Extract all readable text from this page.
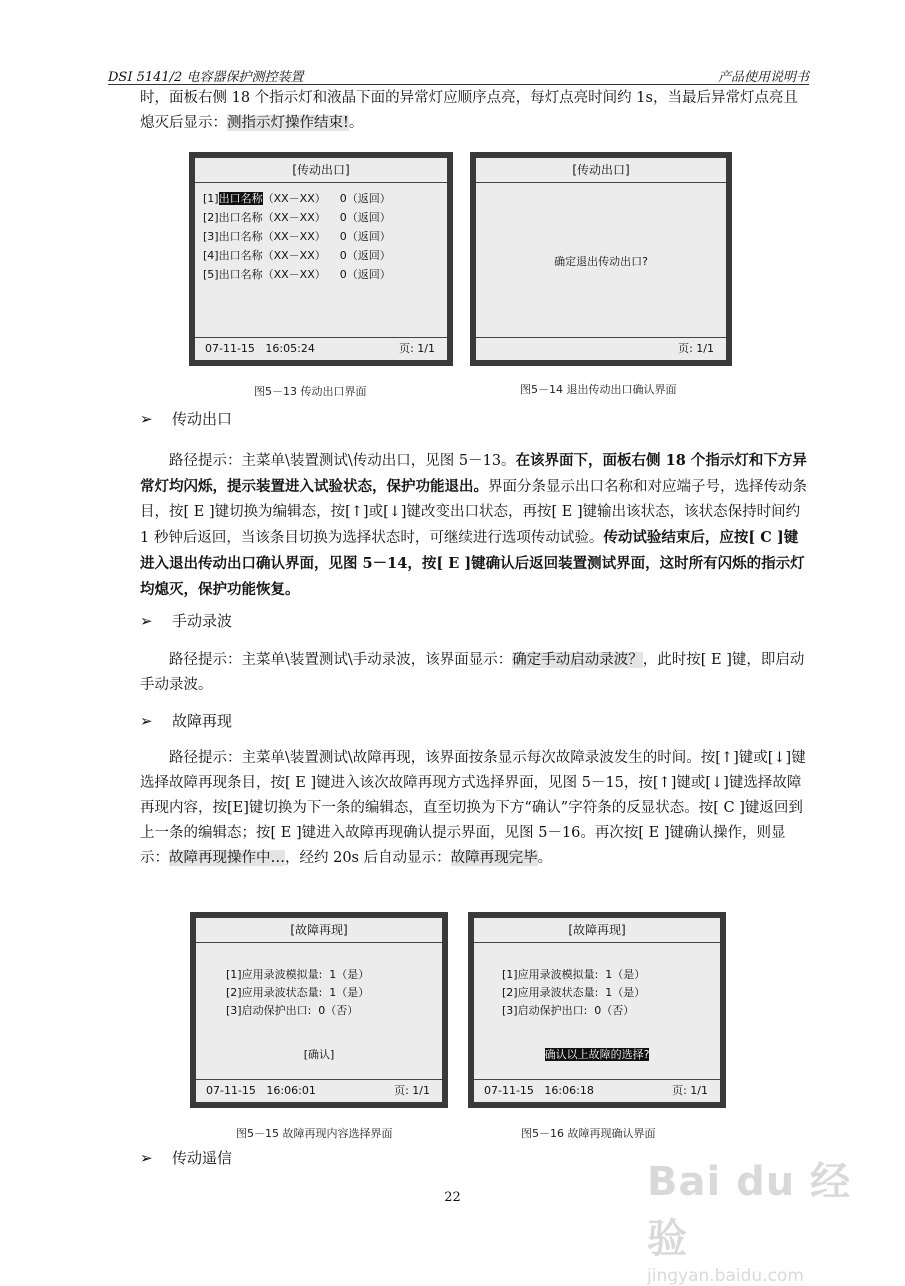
DSI 5141/2 电容器保护测控装置	产品使用说明书
时，面板右侧 18 个指示灯和液晶下面的异常灯应顺序点亮，每灯点亮时间约 1s，当最后异常灯点亮且熄灭后显示：测指示灯操作结束!。
[传动出口]
[1]出口名称（XX－XX）    0（返回）
[2]出口名称（XX－XX）    0（返回）
[3]出口名称（XX－XX）    0（返回）
[4]出口名称（XX－XX）    0（返回）
[5]出口名称（XX－XX）    0（返回）
07-11-15   16:05:24	页: 1/1
[传动出口]
确定退出传动出口?
页: 1/1
图5－13 传动出口界面	图5－14 退出传动出口确认界面
➢ 传动出口
路径提示：主菜单\装置测试\传动出口，见图 5－13。在该界面下，面板右侧 18 个指示灯和下方异常灯均闪烁，提示装置进入试验状态，保护功能退出。界面分条显示出口名称和对应端子号，选择传动条目，按[ E ]键切换为编辑态，按[↑]或[↓]键改变出口状态，再按[ E ]键输出该状态，该状态保持时间约 1 秒钟后返回，当该条目切换为选择状态时，可继续进行选项传动试验。传动试验结束后，应按[ C ]键进入退出传动出口确认界面，见图 5－14，按[ E ]键确认后返回装置测试界面，这时所有闪烁的指示灯均熄灭，保护功能恢复。
➢ 手动录波
路径提示：主菜单\装置测试\手动录波，该界面显示：确定手动启动录波？，此时按[ E ]键，即启动手动录波。
➢ 故障再现
路径提示：主菜单\装置测试\故障再现，该界面按条显示每次故障录波发生的时间。按[↑]键或[↓]键选择故障再现条目，按[ E ]键进入该次故障再现方式选择界面，见图 5－15，按[↑]键或[↓]键选择故障再现内容，按[E]键切换为下一条的编辑态，直至切换为下方“确认”字符条的反显状态。按[ C ]键返回到上一条的编辑态；按[ E ]键进入故障再现确认提示界面，见图 5－16。再次按[ E ]键确认操作，则显示：故障再现操作中…，经约 20s 后自动显示：故障再现完毕。
[故障再现]
[1]应用录波模拟量:  1（是）
[2]应用录波状态量:  1（是）
[3]启动保护出口:  0（否）
[确认]
07-11-15   16:06:01	页: 1/1
[故障再现]
[1]应用录波模拟量:  1（是）
[2]应用录波状态量:  1（是）
[3]启动保护出口:  0（否）
确认以上故障的选择?
07-11-15   16:06:18	页: 1/1
图5－15 故障再现内容选择界面	图5－16 故障再现确认界面
➢ 传动遥信
22	Bai du 经验
jingyan.baidu.com
